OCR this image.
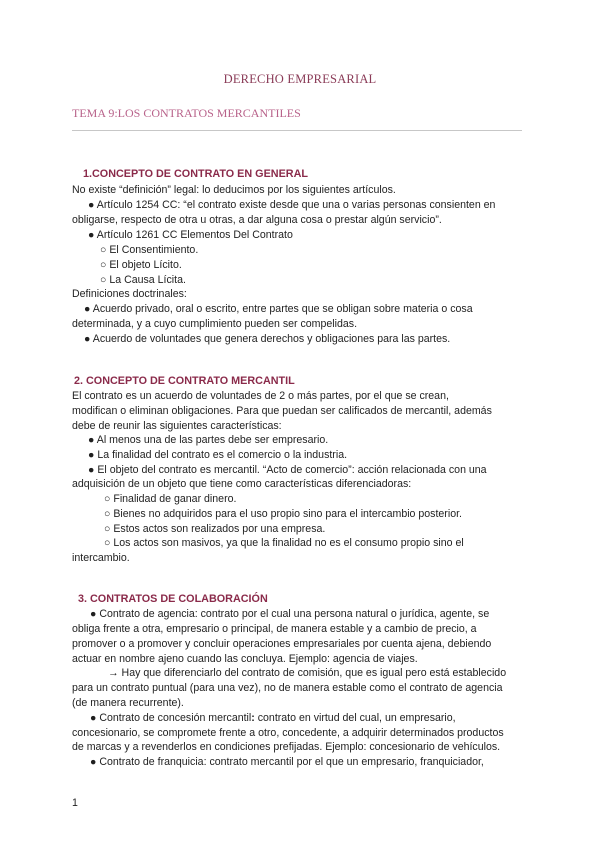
DERECHO EMPRESARIAL
TEMA 9:LOS CONTRATOS MERCANTILES
1.CONCEPTO DE CONTRATO EN GENERAL
No existe “definición” legal: lo deducimos por los siguientes artículos.
● Artículo 1254 CC: “el contrato existe desde que una o varias personas consienten en
obligarse, respecto de otra u otras, a dar alguna cosa o prestar algún servicio”.
● Artículo 1261 CC Elementos Del Contrato
○ El Consentimiento.
○ El objeto Lícito.
○ La Causa Lícita.
Definiciones doctrinales:
● Acuerdo privado, oral o escrito, entre partes que se obligan sobre materia o cosa
determinada, y a cuyo cumplimiento pueden ser compelidas.
● Acuerdo de voluntades que genera derechos y obligaciones para las partes.
2. CONCEPTO DE CONTRATO MERCANTIL
El contrato es un acuerdo de voluntades de 2 o más partes, por el que se crean,
modifican o eliminan obligaciones. Para que puedan ser calificados de mercantil, además
debe de reunir las siguientes características:
● Al menos una de las partes debe ser empresario.
● La finalidad del contrato es el comercio o la industria.
● El objeto del contrato es mercantil. “Acto de comercio”: acción relacionada con una
adquisición de un objeto que tiene como características diferenciadoras:
○ Finalidad de ganar dinero.
○ Bienes no adquiridos para el uso propio sino para el intercambio posterior.
○ Estos actos son realizados por una empresa.
○ Los actos son masivos, ya que la finalidad no es el consumo propio sino el
intercambio.
3. CONTRATOS DE COLABORACIÓN
● Contrato de agencia: contrato por el cual una persona natural o jurídica, agente, se
obliga frente a otra, empresario o principal, de manera estable y a cambio de precio, a
promover o a promover y concluir operaciones empresariales por cuenta ajena, debiendo
actuar en nombre ajeno cuando las concluya. Ejemplo: agencia de viajes.
→ Hay que diferenciarlo del contrato de comisión, que es igual pero está establecido
para un contrato puntual (para una vez), no de manera estable como el contrato de agencia
(de manera recurrente).
● Contrato de concesión mercantil: contrato en virtud del cual, un empresario,
concesionario, se compromete frente a otro, concedente, a adquirir determinados productos
de marcas y a revenderlos en condiciones prefijadas. Ejemplo: concesionario de vehículos.
● Contrato de franquicia: contrato mercantil por el que un empresario, franquiciador,
1
